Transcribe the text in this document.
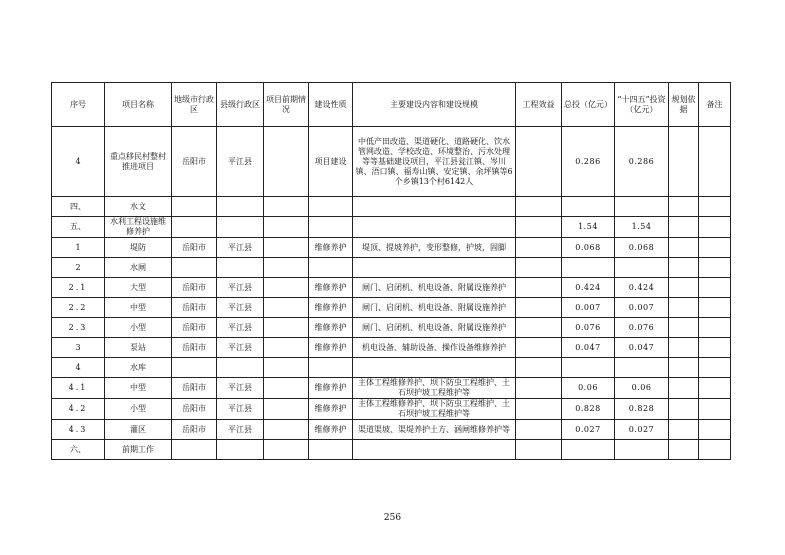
序号	项目名称	地级市行政区	县级行政区	项目前期情况	建设性质	主要建设内容和建设规模	工程效益	总投（亿元）	“十四五”投资（亿元）	规划依据	备注
4	重点移民村整村推进项目	岳阳市	平江县		项目建设	中低产田改造、渠道硬化、道路硬化、饮水管网改造、学校改造、环境整治、污水处理等等基础建设项目，平江县瓮江镇、岑川镇、浯口镇、福寿山镇、安定镇、余坪镇等6个乡镇13个村6142人		0.286	0.286		
四、	水文										
五、	水利工程设施维修养护							1.54	1.54		
1	堤防	岳阳市	平江县		维修养护	堤顶、提坡养护，变形整修，护坡，固脚		0.068	0.068		
2	水闸										
2.1	大型	岳阳市	平江县		维修养护	闸门、启闭机、机电设备、附属设施养护		0.424	0.424		
2.2	中型	岳阳市	平江县		维修养护	闸门、启闭机、机电设备、附属设施养护		0.007	0.007		
2.3	小型	岳阳市	平江县		维修养护	闸门、启闭机、机电设备、附属设施养护		0.076	0.076		
3	泵站	岳阳市	平江县		维修养护	机电设备、辅助设备、操作设备维修养护		0.047	0.047		
4	水库										
4.1	中型	岳阳市	平江县		维修养护	主体工程维修养护、坝下防虫工程维护、土石坝护坡工程维护等		0.06	0.06		
4.2	小型	岳阳市	平江县		维修养护	主体工程维修养护、坝下防虫工程维护、土石坝护坡工程维护等		0.828	0.828		
4.3	灌区	岳阳市	平江县		维修养护	渠道渠坡、渠堤养护土方、涵闸维修养护等		0.027	0.027		
六、	前期工作										
256
